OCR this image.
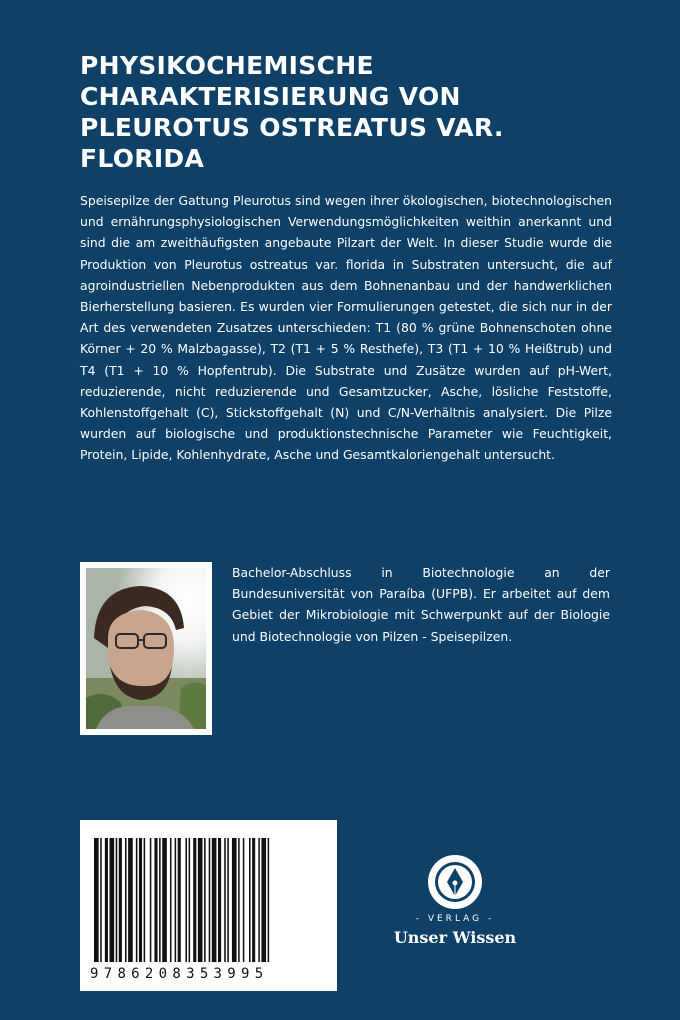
PHYSIKOCHEMISCHE CHARAKTERISIERUNG VON PLEUROTUS OSTREATUS VAR. FLORIDA

Speisepilze der Gattung Pleurotus sind wegen ihrer ökologischen, biotechnologischen und ernährungsphysiologischen Verwendungsmöglichkeiten weithin anerkannt und sind die am zweithäufigsten angebaute Pilzart der Welt. In dieser Studie wurde die Produktion von Pleurotus ostreatus var. florida in Substraten untersucht, die auf agroindustriellen Nebenprodukten aus dem Bohnenanbau und der handwerklichen Bierherstellung basieren. Es wurden vier Formulierungen getestet, die sich nur in der Art des verwendeten Zusatzes unterschieden: T1 (80 % grüne Bohnenschoten ohne Körner + 20 % Malzbagasse), T2 (T1 + 5 % Resthefe), T3 (T1 + 10 % Heißtrub) und T4 (T1 + 10 % Hopfentrub). Die Substrate und Zusätze wurden auf pH-Wert, reduzierende, nicht reduzierende und Gesamtzucker, Asche, lösliche Feststoffe, Kohlenstoffgehalt (C), Stickstoffgehalt (N) und C/N-Verhältnis analysiert. Die Pilze wurden auf biologische und produktionstechnische Parameter wie Feuchtigkeit, Protein, Lipide, Kohlenhydrate, Asche und Gesamtkaloriengehalt untersucht.

Bachelor-Abschluss in Biotechnologie an der Bundesuniversität von Paraíba (UFPB). Er arbeitet auf dem Gebiet der Mikrobiologie mit Schwerpunkt auf der Biologie und Biotechnologie von Pilzen - Speisepilzen.

9786208353995
- VERLAG -
Unser Wissen
